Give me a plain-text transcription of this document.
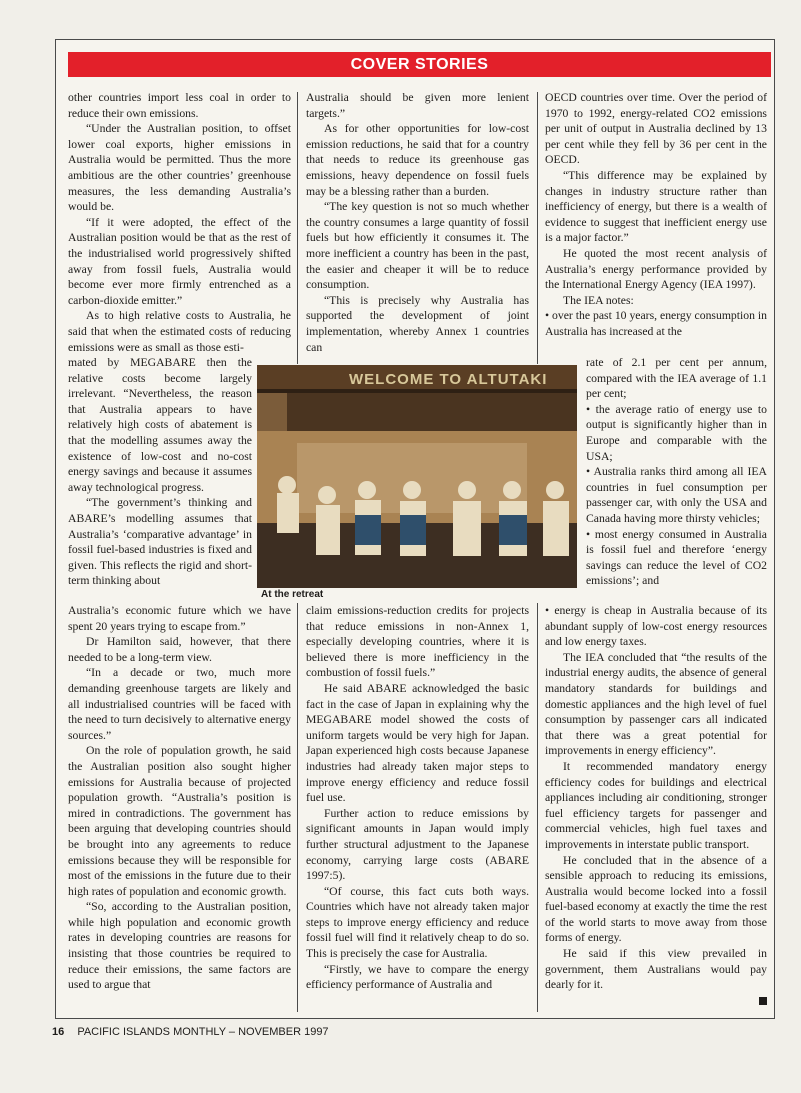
COVER STORIES

other countries import less coal in order to reduce their own emissions.

“Under the Australian position, to offset lower coal exports, higher emissions in Australia would be permitted. Thus the more ambitious are the other countries’ greenhouse measures, the less demanding Australia’s would be.

“If it were adopted, the effect of the Australian position would be that as the rest of the industrialised world progressively shifted away from fossil fuels, Australia would become ever more firmly entrenched as a carbon-dioxide emitter.”

As to high relative costs to Australia, he said that when the estimated costs of reducing emissions were as small as those esti-

mated by MEGABARE then the relative costs become largely irrelevant. “Nevertheless, the reason that Australia appears to have relatively high costs of abatement is that the modelling assumes away the existence of low-cost and no-cost energy savings and because it assumes away technological progress.

“The government’s thinking and ABARE’s modelling assumes that Australia’s ‘comparative advantage’ in fossil fuel-based industries is fixed and given. This reflects the rigid and short-term thinking about

Australia’s economic future which we have spent 20 years trying to escape from.”

Dr Hamilton said, however, that there needed to be a long-term view.

“In a decade or two, much more demanding greenhouse targets are likely and all industrialised countries will be faced with the need to turn decisively to alternative energy sources.”

On the role of population growth, he said the Australian position also sought higher emissions for Australia because of projected population growth. “Australia’s position is mired in contradictions. The government has been arguing that developing countries should be brought into any agreements to reduce emissions because they will be responsible for most of the emissions in the future due to their high rates of population and economic growth.

“So, according to the Australian position, while high population and economic growth rates in developing countries are reasons for insisting that those countries be required to reduce their emissions, the same factors are used to argue that

Australia should be given more lenient targets.”

As for other opportunities for low-cost emission reductions, he said that for a country that needs to reduce its greenhouse gas emissions, heavy dependence on fossil fuels may be a blessing rather than a burden.

“The key question is not so much whether the country consumes a large quantity of fossil fuels but how efficiently it consumes it. The more inefficient a country has been in the past, the easier and cheaper it will be to reduce consumption.

“This is precisely why Australia has supported the development of joint implementation, whereby Annex 1 countries can

claim emissions-reduction credits for projects that reduce emissions in non-Annex 1, especially developing countries, where it is believed there is more inefficiency in the combustion of fossil fuels.”

He said ABARE acknowledged the basic fact in the case of Japan in explaining why the MEGABARE model showed the costs of uniform targets would be very high for Japan. Japan experienced high costs because Japanese industries had already taken major steps to improve energy efficiency and reduce fossil fuel use.

Further action to reduce emissions by significant amounts in Japan would imply further structural adjustment to the Japanese economy, carrying large costs (ABARE 1997:5).

“Of course, this fact cuts both ways. Countries which have not already taken major steps to improve energy efficiency and reduce fossil fuel will find it relatively cheap to do so. This is precisely the case for Australia.

“Firstly, we have to compare the energy efficiency performance of Australia and

OECD countries over time. Over the period of 1970 to 1992, energy-related CO2 emissions per unit of output in Australia declined by 13 per cent while they fell by 36 per cent in the OECD.

“This difference may be explained by changes in industry structure rather than inefficiency of energy, but there is a wealth of evidence to suggest that inefficient energy use is a major factor.”

He quoted the most recent analysis of Australia’s energy performance provided by the International Energy Agency (IEA 1997).

The IEA notes:

• over the past 10 years, energy consumption in Australia has increased at the

rate of 2.1 per cent per annum, compared with the IEA average of 1.1 per cent;

• the average ratio of energy use to output is significantly higher than in Europe and comparable with the USA;

• Australia ranks third among all IEA countries in fuel consumption per passenger car, with only the USA and Canada having more thirsty vehicles;

• most energy consumed in Australia is fossil fuel and therefore ‘energy savings can reduce the level of CO2 emissions’; and

• energy is cheap in Australia because of its abundant supply of low-cost energy resources and low energy taxes.

The IEA concluded that “the results of the industrial energy audits, the absence of general mandatory standards for buildings and domestic appliances and the high level of fuel consumption by passenger cars all indicated that there was a great potential for improvements in energy efficiency”.

It recommended mandatory energy efficiency codes for buildings and electrical appliances including air conditioning, stronger fuel efficiency targets for passenger and commercial vehicles, high fuel taxes and improvements in interstate public transport.

He concluded that in the absence of a sensible approach to reducing its emissions, Australia would become locked into a fossil fuel-based economy at exactly the time the rest of the world starts to move away from those forms of energy.

He said if this view prevailed in government, them Australians would pay dearly for it.

WELCOME TO ALTUTAKI
At the retreat
16 PACIFIC ISLANDS MONTHLY – NOVEMBER 1997
